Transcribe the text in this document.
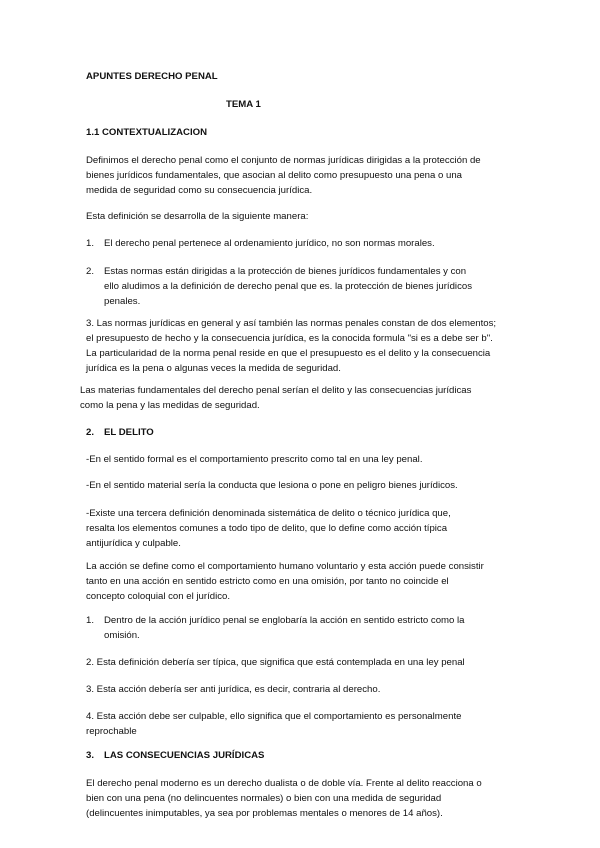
APUNTES DERECHO PENAL
TEMA 1
1.1 CONTEXTUALIZACION
Definimos el derecho penal como el conjunto de normas jurídicas dirigidas a la protección de
bienes jurídicos fundamentales, que asocian al delito como presupuesto una pena o una
medida de seguridad como su consecuencia jurídica.
Esta definición se desarrolla de la siguiente manera:
1. El derecho penal pertenece al ordenamiento jurídico, no son normas morales.
2. Estas normas están dirigidas a la protección de bienes jurídicos fundamentales y con
ello aludimos a la definición de derecho penal que es. la protección de bienes jurídicos
penales.
3. Las normas jurídicas en general y así también las normas penales constan de dos elementos;
el presupuesto de hecho y la consecuencia jurídica, es la conocida formula "si es a debe ser b".
La particularidad de la norma penal reside en que el presupuesto es el delito y la consecuencia
jurídica es la pena o algunas veces la medida de seguridad.
Las materias fundamentales del derecho penal serían el delito y las consecuencias jurídicas
como la pena y las medidas de seguridad.
2. EL DELITO
-En el sentido formal es el comportamiento prescrito como tal en una ley penal.
-En el sentido material sería la conducta que lesiona o pone en peligro bienes jurídicos.
-Existe una tercera definición denominada sistemática de delito o técnico jurídica que,
resalta los elementos comunes a todo tipo de delito, que lo define como acción típica
antijurídica y culpable.
La acción se define como el comportamiento humano voluntario y esta acción puede consistir
tanto en una acción en sentido estricto como en una omisión, por tanto no coincide el
concepto coloquial con el jurídico.
1. Dentro de la acción jurídico penal se englobaría la acción en sentido estricto como la
omisión.
2. Esta definición debería ser típica, que significa que está contemplada en una ley penal
3. Esta acción debería ser anti jurídica, es decir, contraria al derecho.
4. Esta acción debe ser culpable, ello significa que el comportamiento es personalmente
reprochable
3. LAS CONSECUENCIAS JURÍDICAS
El derecho penal moderno es un derecho dualista o de doble vía. Frente al delito reacciona o
bien con una pena (no delincuentes normales) o bien con una medida de seguridad
(delincuentes inimputables, ya sea por problemas mentales o menores de 14 años).
